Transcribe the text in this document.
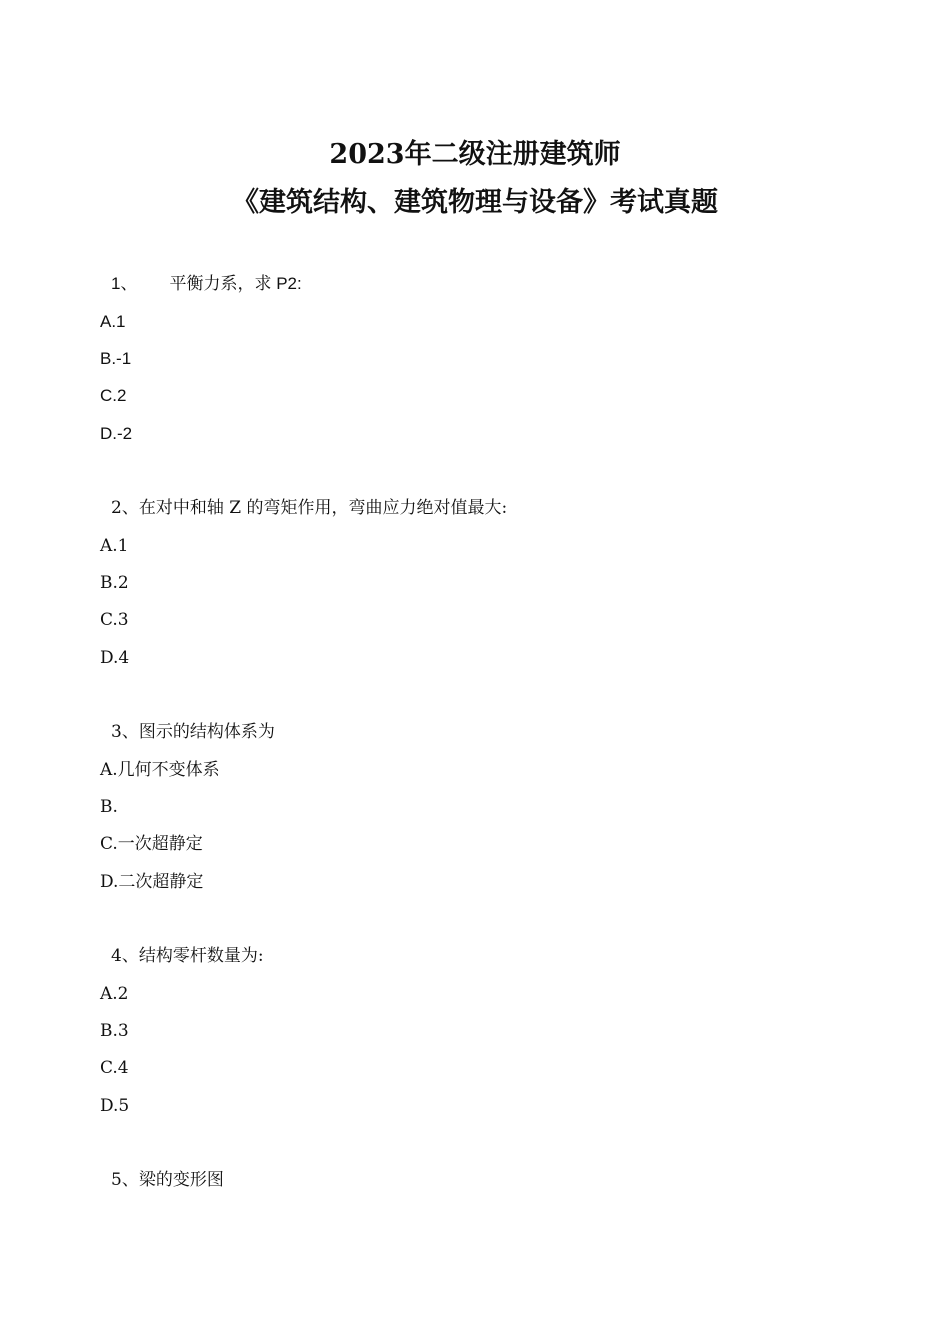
2023年二级注册建筑师
《建筑结构、建筑物理与设备》考试真题
1、 平衡力系，求 P2:
A.1
B.-1
C.2
D.-2
2、在对中和轴 Z 的弯矩作用，弯曲应力绝对值最大:
A.1
B.2
C.3
D.4
3、图示的结构体系为
A.几何不变体系
B.
C.一次超静定
D.二次超静定
4、结构零杆数量为:
A.2
B.3
C.4
D.5
5、梁的变形图
